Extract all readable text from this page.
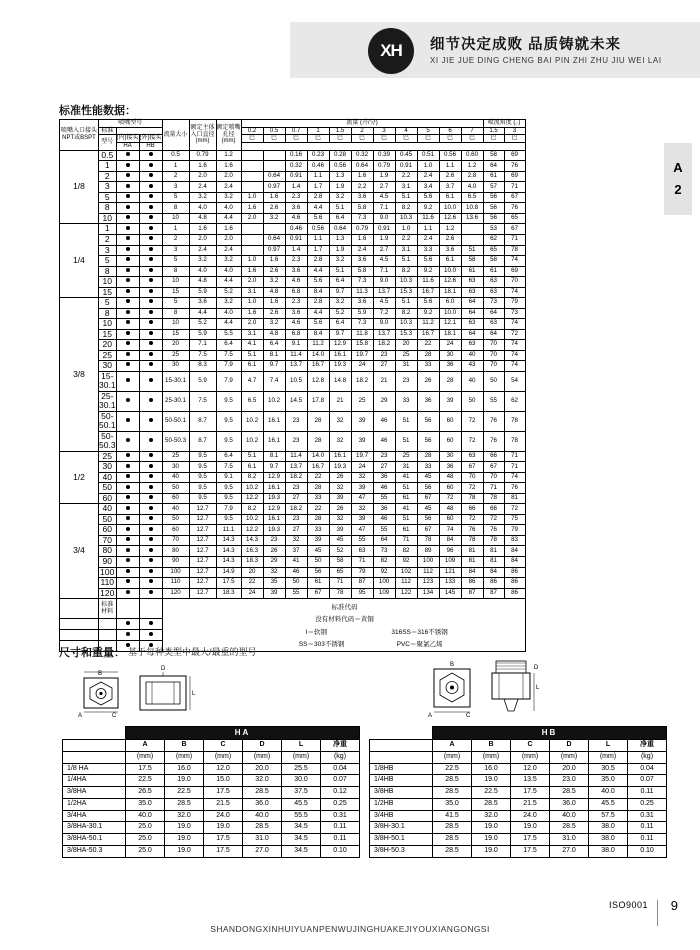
XH	细节决定成败 品质铸就未来
XI JIE JUE DING CHENG BAI PIN ZHI ZHU JIU WEI LAI
A
2
标准性能数据：
喷嘴入口接头NPT或BSPT	喷嘴型号			流量大小	额定主体入口直径(mm)	额定喷嘴孔径(mm)	流量 (升/分)											喷流角度 (。)	
	标准						0.2	0.5	0.7	1	1.5	2	3	4	5	6	7	1.5	3
	型号	(内)接头	(外)接头				巴	巴	巴	巴	巴	巴	巴	巴	巴	巴	巴	巴	巴
		HA	HB																
1/8	0.5			0.5	0.79	1.2			0.16	0.23	0.28	0.32	0.39	0.45	0.51	0.56	0.60	58	69
	1			1	1.6	1.6			0.32	0.46	0.56	0.64	0.79	0.91	1.0	1.1	1.2	64	76
	2			2	2.0	2.0		0.64	0.91	1.1	1.3	1.6	1.9	2.2	2.4	2.6	2.8	61	69
	3			3	2.4	2.4		0.97	1.4	1.7	1.9	2.2	2.7	3.1	3.4	3.7	4.0	57	71
	5			5	3.2	3.2	1.0	1.6	2.3	2.8	3.2	3.6	4.5	5.1	5.6	6.1	6.5	56	67
	8			8	4.0	4.0	1.6	2.6	3.6	4.4	5.1	5.8	7.1	8.2	9.2	10.0	10.8	56	76
	10			10	4.8	4.4	2.0	3.2	4.6	5.6	6.4	7.3	9.0	10.3	11.6	12.6	13.6	56	65
1/4	1			1	1.6	1.6			0.46	0.56	0.64	0.79	0.91	1.0	1.1	1.2		53	67
	2			2	2.0	2.0		0.64	0.91	1.1	1.3	1.6	1.9	2.2	2.4	2.6		62	71
	3			3	2.4	2.4		0.97	1.4	1.7	1.9	2.4	2.7	3.1	3.3	3.6	51	65	78
	5			5	3.2	3.2	1.0	1.6	2.3	2.8	3.2	3.6	4.5	5.1	5.6	6.1	58	58	74
	8			8	4.0	4.0	1.6	2.6	3.6	4.4	5.1	5.8	7.1	8.2	9.2	10.0	61	61	69
	10			10	4.8	4.4	2.0	3.2	4.6	5.6	6.4	7.3	9.0	10.3	11.6	12.6	63	63	70
	15			15	5.9	5.2	3.1	4.8	6.8	8.4	9.7	11.3	13.7	15.3	16.7	18.1	63	63	74
3/8	5			5	3.6	3.2	1.0	1.6	2.3	2.8	3.2	3.6	4.5	5.1	5.6	6.0	64	73	79
	8			8	4.4	4.0	1.6	2.6	3.6	4.4	5.2	5.9	7.2	8.2	9.2	10.0	64	64	73
	10			10	5.2	4.4	2.0	3.2	4.6	5.6	6.4	7.3	9.0	10.3	11.2	12.1	63	63	74
	15			15	5.9	5.5	3.1	4.8	6.8	8.4	9.7	11.8	13.7	15.3	16.7	18.1	64	64	72
	20			20	7.1	6.4	4.1	6.4	9.1	11.2	12.9	15.8	18.2	20	22	24	63	70	74
	25			25	7.5	7.5	5.1	8.1	11.4	14.0	16.1	19.7	23	25	28	30	40	70	74
	30			30	8.3	7.9	6.1	9.7	13.7	16.7	19.3	24	27	31	33	36	43	70	74
	15-30.1			15-30.1	5.9	7.9	4.7	7.4	10.5	12.8	14.8	18.2	21	23	26	28	40	50	54
	25-30.1			25-30.1	7.5	9.5	6.5	10.2	14.5	17.8	21	25	29	33	36	39	50	55	62
	50-50.1			50-50.1	8.7	9.5	10.2	16.1	23	28	32	39	46	51	56	60	72	76	78
	50-50.3			50-50.3	8.7	9.5	10.2	16.1	23	28	32	39	46	51	56	60	72	76	78
1/2	25			25	9.5	6.4	5.1	8.1	11.4	14.0	16.1	19.7	23	25	28	30	63	66	71
	30			30	9.5	7.5	6.1	9.7	13.7	16.7	19.3	24	27	31	33	36	67	67	71
	40			40	9.5	9.1	8.2	12.9	18.2	22	26	32	36	41	45	48	70	70	74
	50			50	9.5	9.5	10.2	16.1	23	28	32	39	46	51	56	60	72	71	76
	60			60	9.5	9.5	12.2	19.3	27	33	39	47	55	61	67	72	78	78	81
3/4	40			40	12.7	7.9	8.2	12.9	18.2	22	26	32	36	41	45	48	66	66	72
	50			50	12.7	9.5	10.2	16.1	23	28	32	39	46	51	56	60	72	72	75
	60			60	12.7	11.1	12.2	19.3	27	33	39	47	55	61	67	74	76	76	79
	70			70	12.7	14.3	14.3	23	32	39	45	55	64	71	78	84	78	78	83
	80			80	12.7	14.3	16.3	26	37	45	52	63	73	82	89	96	81	81	84
	90			90	12.7	14.3	18.3	29	41	50	58	71	82	92	100	109	81	81	84
	100			100	12.7	14.9	20	32	46	56	65	79	92	102	112	121	84	84	86
	110			110	12.7	17.5	22	35	50	61	71	87	100	112	123	133	86	86	86
	120			120	12.7	18.3	24	39	55	67	78	95	109	122	134	145	87	87	86
	标准材料			标准代码
没有材料代码＝黄铜
I＝软钢 316SS＝316不锈钢
SS＝303不锈钢 PVC＝聚氯乙烯															

尺寸和重量： 基于每种类型中最大/最重的型号
B
A	C
D
L
B
A	C
D
L
	HA					
	A	B	C	D	L	净重
	(mm)	(mm)	(mm)	(mm)	(mm)	(kg)
1/8 HA	17.5	16.0	12.0	20.0	25.5	0.04
1/4HA	22.5	19.0	15.0	32.0	30.0	0.07
3/8HA	26.5	22.5	17.5	28.5	37.5	0.12
1/2HA	35.0	28.5	21.5	36.0	45.5	0.25
3/4HA	40.0	32.0	24.0	40.0	55.5	0.31
3/8HA-30.1	25.0	19.0	19.0	28.5	34.5	0.11
3/8HA-50.1	25.0	19.0	17.5	31.0	34.5	0.11
3/8HA-50.3	25.0	19.0	17.5	27.0	34.5	0.10
	HB					
	A	B	C	D	L	净重
	(mm)	(mm)	(mm)	(mm)	(mm)	(kg)
1/8HB	22.5	16.0	12.0	20.0	30.5	0.04
1/4HB	28.5	19.0	13.5	23.0	35.0	0.07
3/8HB	28.5	22.5	17.5	28.5	40.0	0.11
1/2HB	35.0	28.5	21.5	36.0	45.5	0.25
3/4HB	41.5	32.0	24.0	40.0	57.5	0.31
3/8H-30.1	28.5	19.0	19.0	28.5	38.0	0.11
3/8H-50.1	28.5	19.0	17.5	31.0	38.0	0.11
3/8H-50.3	28.5	19.0	17.5	27.0	38.0	0.10
ISO9001 9
SHANDONGXINHUIYUANPENWUJINGHUAKEJIYOUXIANGONGSI
